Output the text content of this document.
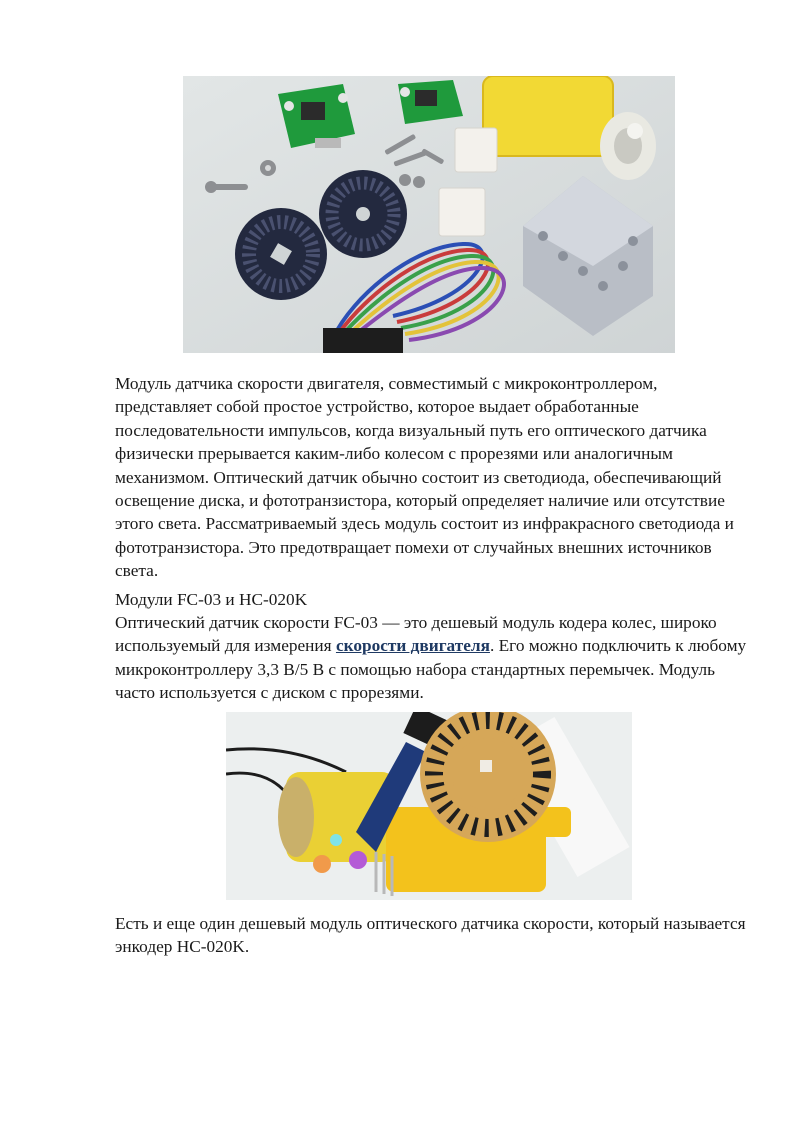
Модуль датчика скорости двигателя, совместимый с микроконтроллером, представляет собой простое устройство, которое выдает обработанные последовательности импульсов, когда визуальный путь его оптического датчика физически прерывается каким-либо колесом с прорезями или аналогичным механизмом. Оптический датчик обычно состоит из светодиода, обеспечивающий освещение диска, и фототранзистора, который определяет наличие или отсутствие этого света. Рассматриваемый здесь модуль состоит из инфракрасного светодиода и фототранзистора. Это предотвращает помехи от случайных внешних источников света.

Модули FC-03 и HC-020K

Оптический датчик скорости FC-03 — это дешевый модуль кодера колес, широко используемый для измерения скорости двигателя. Его можно подключить к любому микроконтроллеру 3,3 В/5 В с помощью набора стандартных перемычек. Модуль часто используется с диском с прорезями.

Есть и еще один дешевый модуль оптического датчика скорости, который называется энкодер HC-020K.
